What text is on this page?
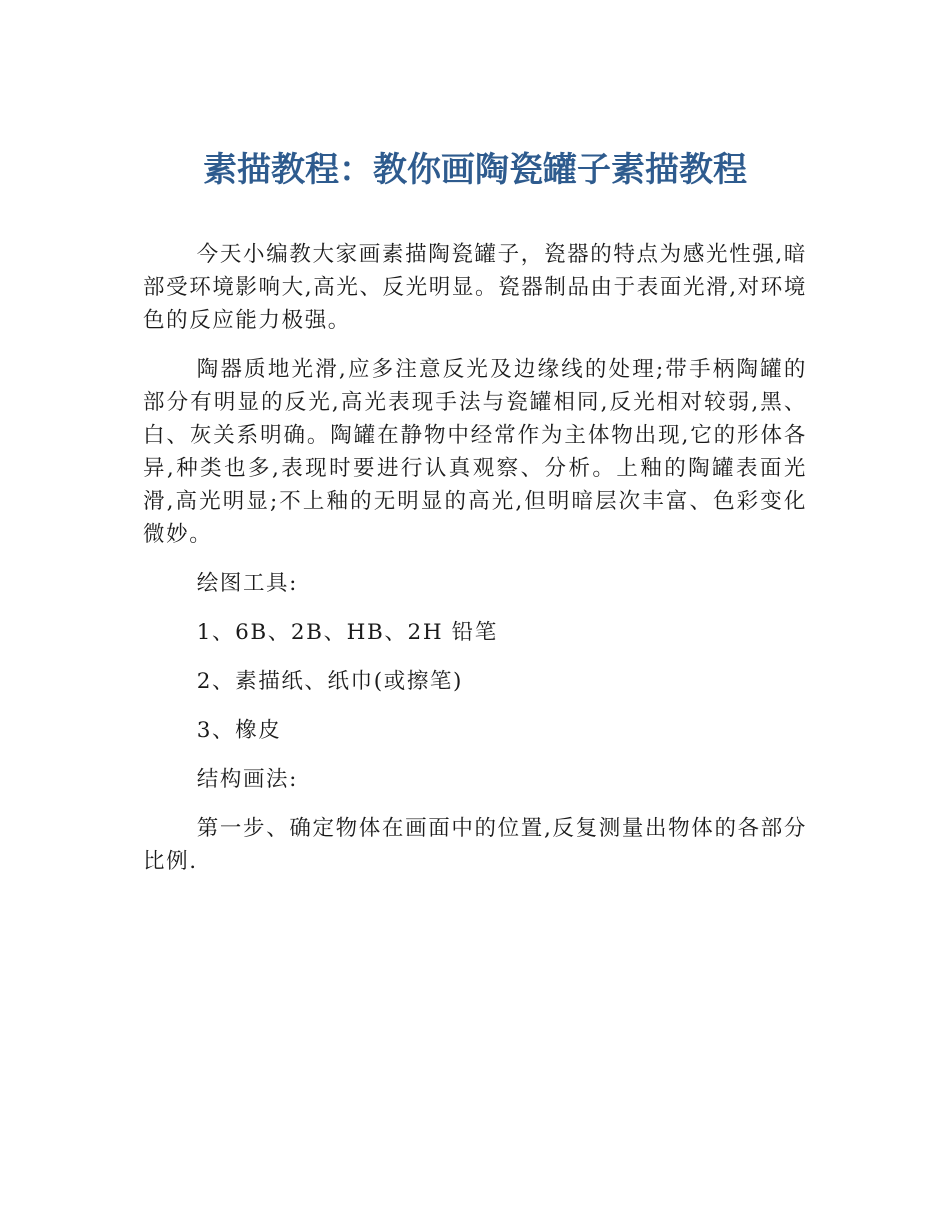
素描教程：教你画陶瓷罐子素描教程

今天小编教大家画素描陶瓷罐子，瓷器的特点为感光性强,暗部受环境影响大,高光、反光明显。瓷器制品由于表面光滑,对环境色的反应能力极强。

陶器质地光滑,应多注意反光及边缘线的处理;带手柄陶罐的部分有明显的反光,高光表现手法与瓷罐相同,反光相对较弱,黑、白、灰关系明确。陶罐在静物中经常作为主体物出现,它的形体各异,种类也多,表现时要进行认真观察、分析。上釉的陶罐表面光滑,高光明显;不上釉的无明显的高光,但明暗层次丰富、色彩变化微妙。

绘图工具:

1、6B、2B、HB、2H 铅笔

2、素描纸、纸巾(或擦笔)

3、橡皮

结构画法:

第一步、确定物体在画面中的位置,反复测量出物体的各部分比例.
